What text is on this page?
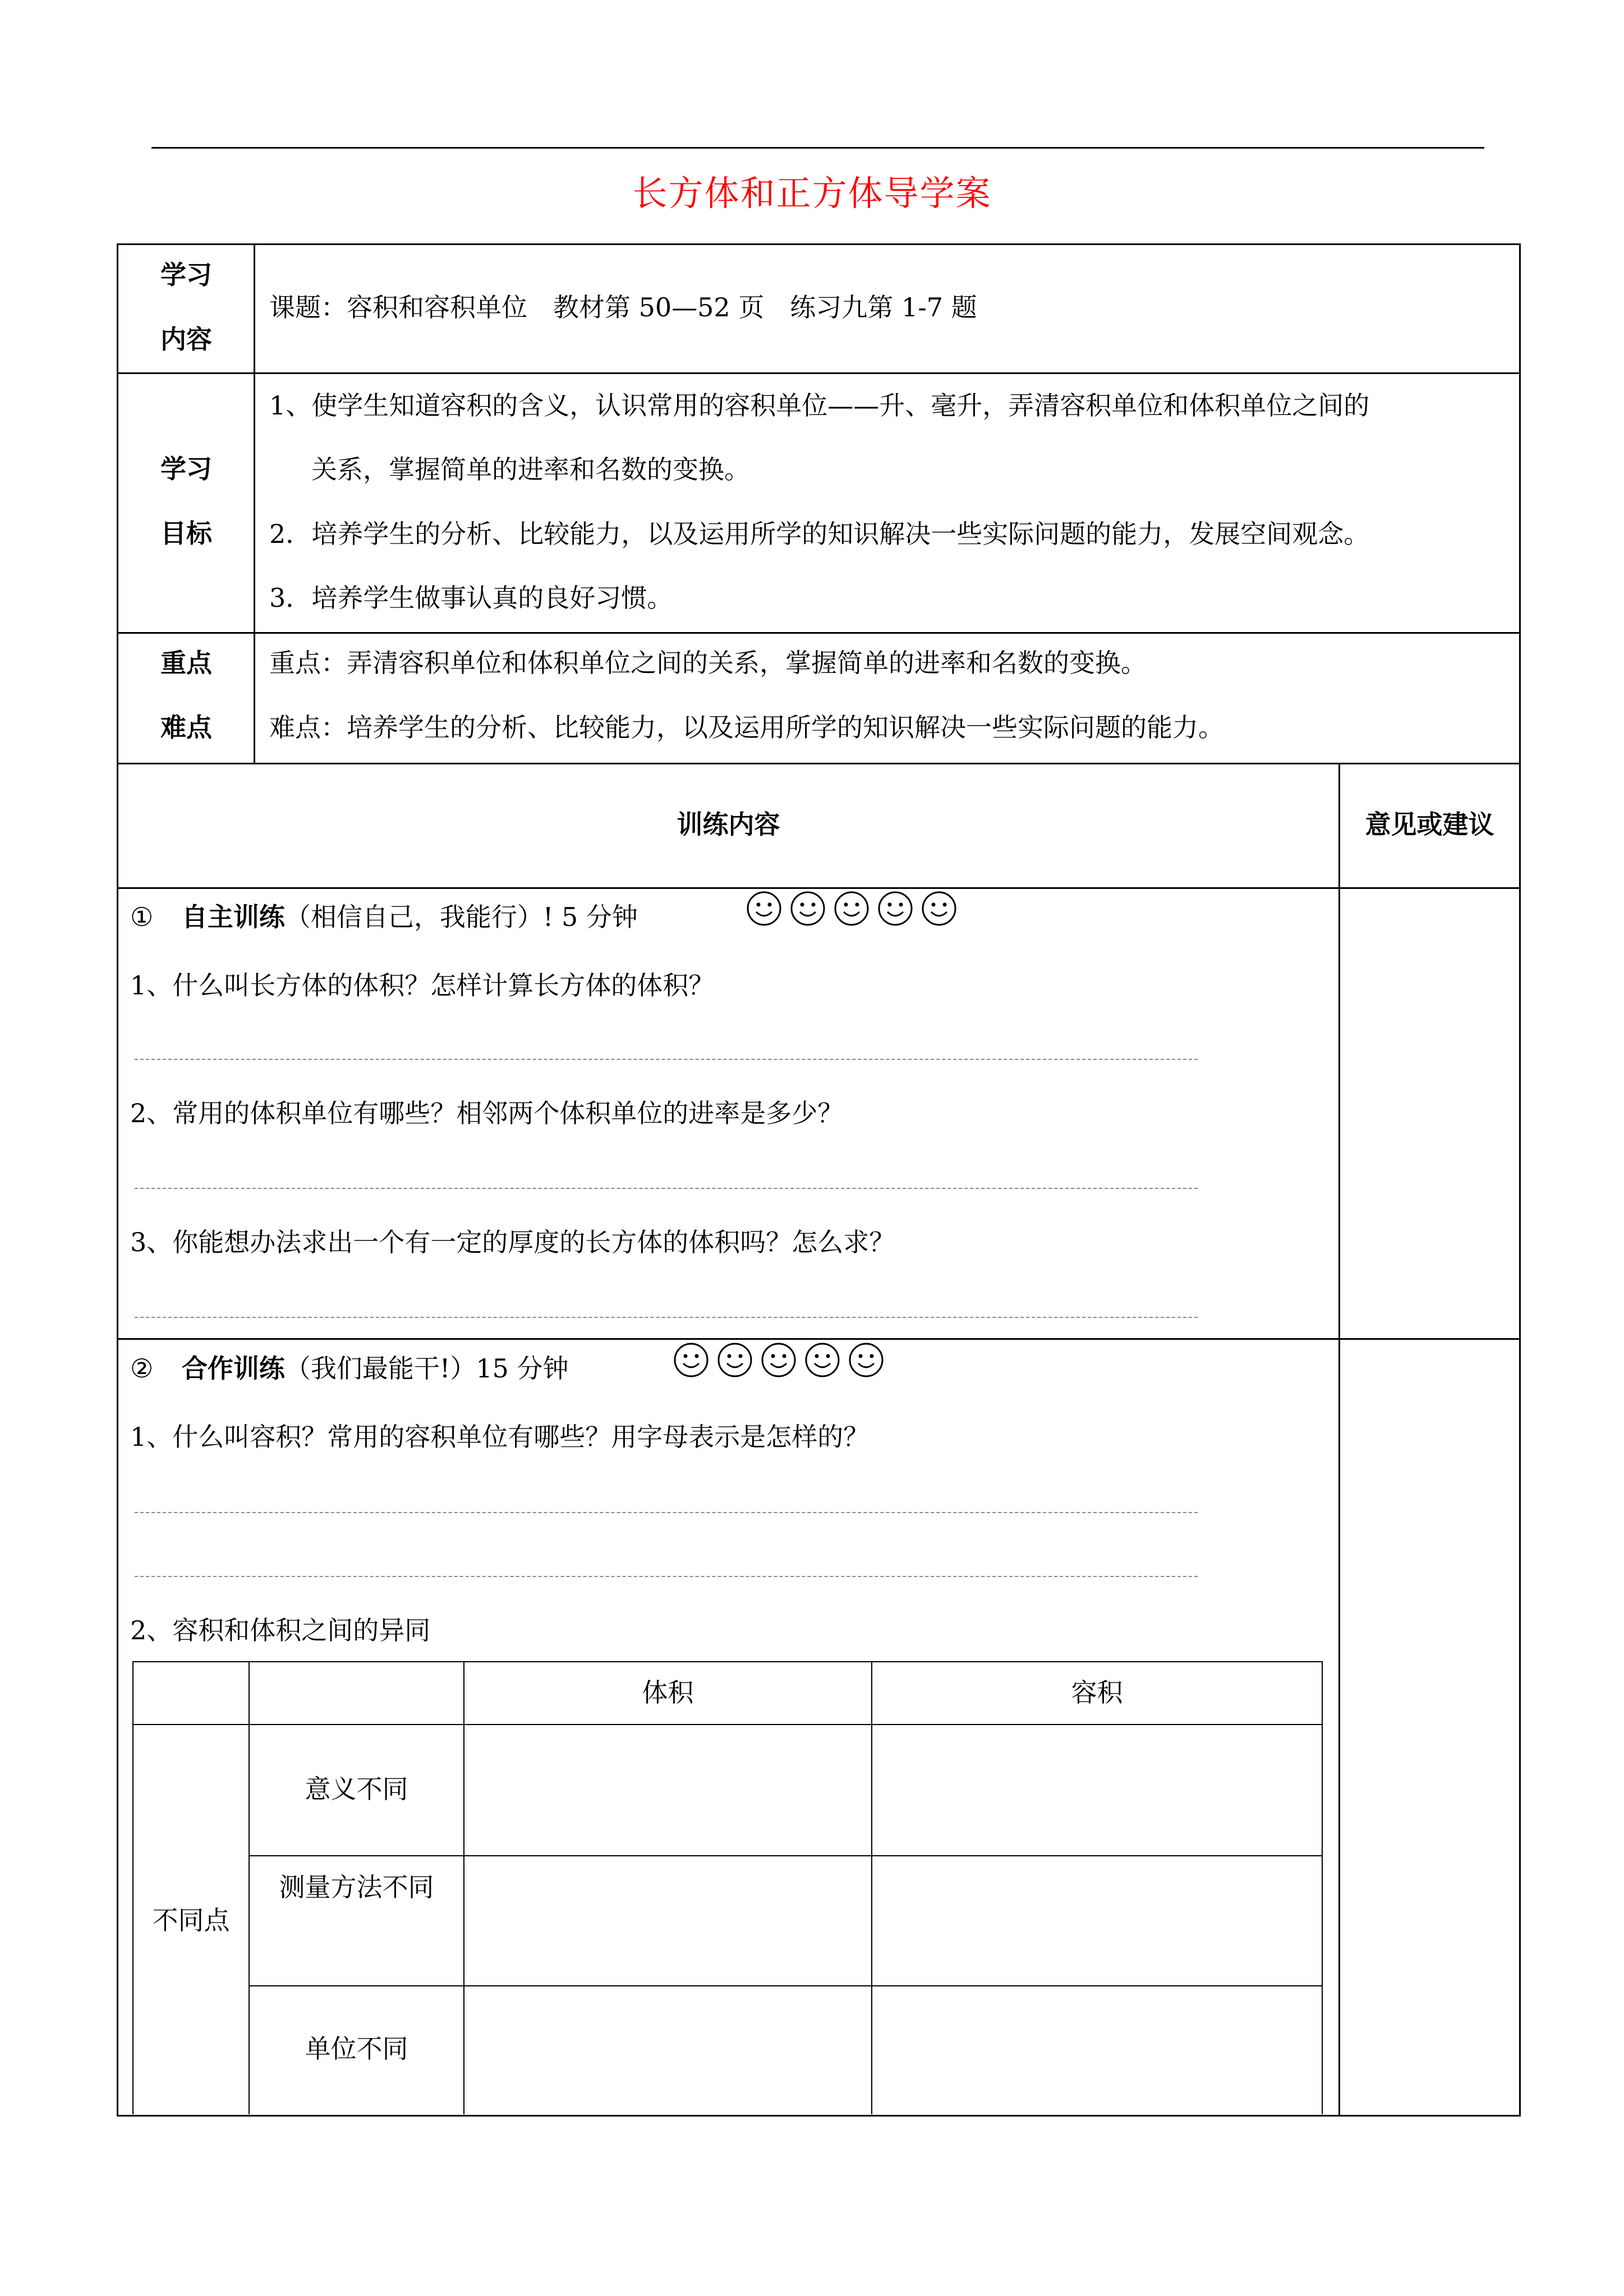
长方体和正方体导学案
学习
内容
课题：容积和容积单位　教材第 50—52 页　练习九第 1-7 题
学习
目标
1、使学生知道容积的含义，认识常用的容积单位——升、毫升，弄清容积单位和体积单位之间的
关系，掌握简单的进率和名数的变换。
2．培养学生的分析、比较能力，以及运用所学的知识解决一些实际问题的能力，发展空间观念。
3．培养学生做事认真的良好习惯。
重点
难点
重点：弄清容积单位和体积单位之间的关系，掌握简单的进率和名数的变换。
难点：培养学生的分析、比较能力，以及运用所学的知识解决一些实际问题的能力。
训练内容	意见或建议
① 自主训练（相信自己，我能行）! 5 分钟
1、什么叫长方体的体积？怎样计算长方体的体积？
2、常用的体积单位有哪些？相邻两个体积单位的进率是多少？
3、你能想办法求出一个有一定的厚度的长方体的体积吗？怎么求？
② 合作训练（我们最能干!）15 分钟
1、什么叫容积？常用的容积单位有哪些？用字母表示是怎样的？
2、容积和体积之间的异同
体积	容积
不同点
意义不同
测量方法不同
单位不同
